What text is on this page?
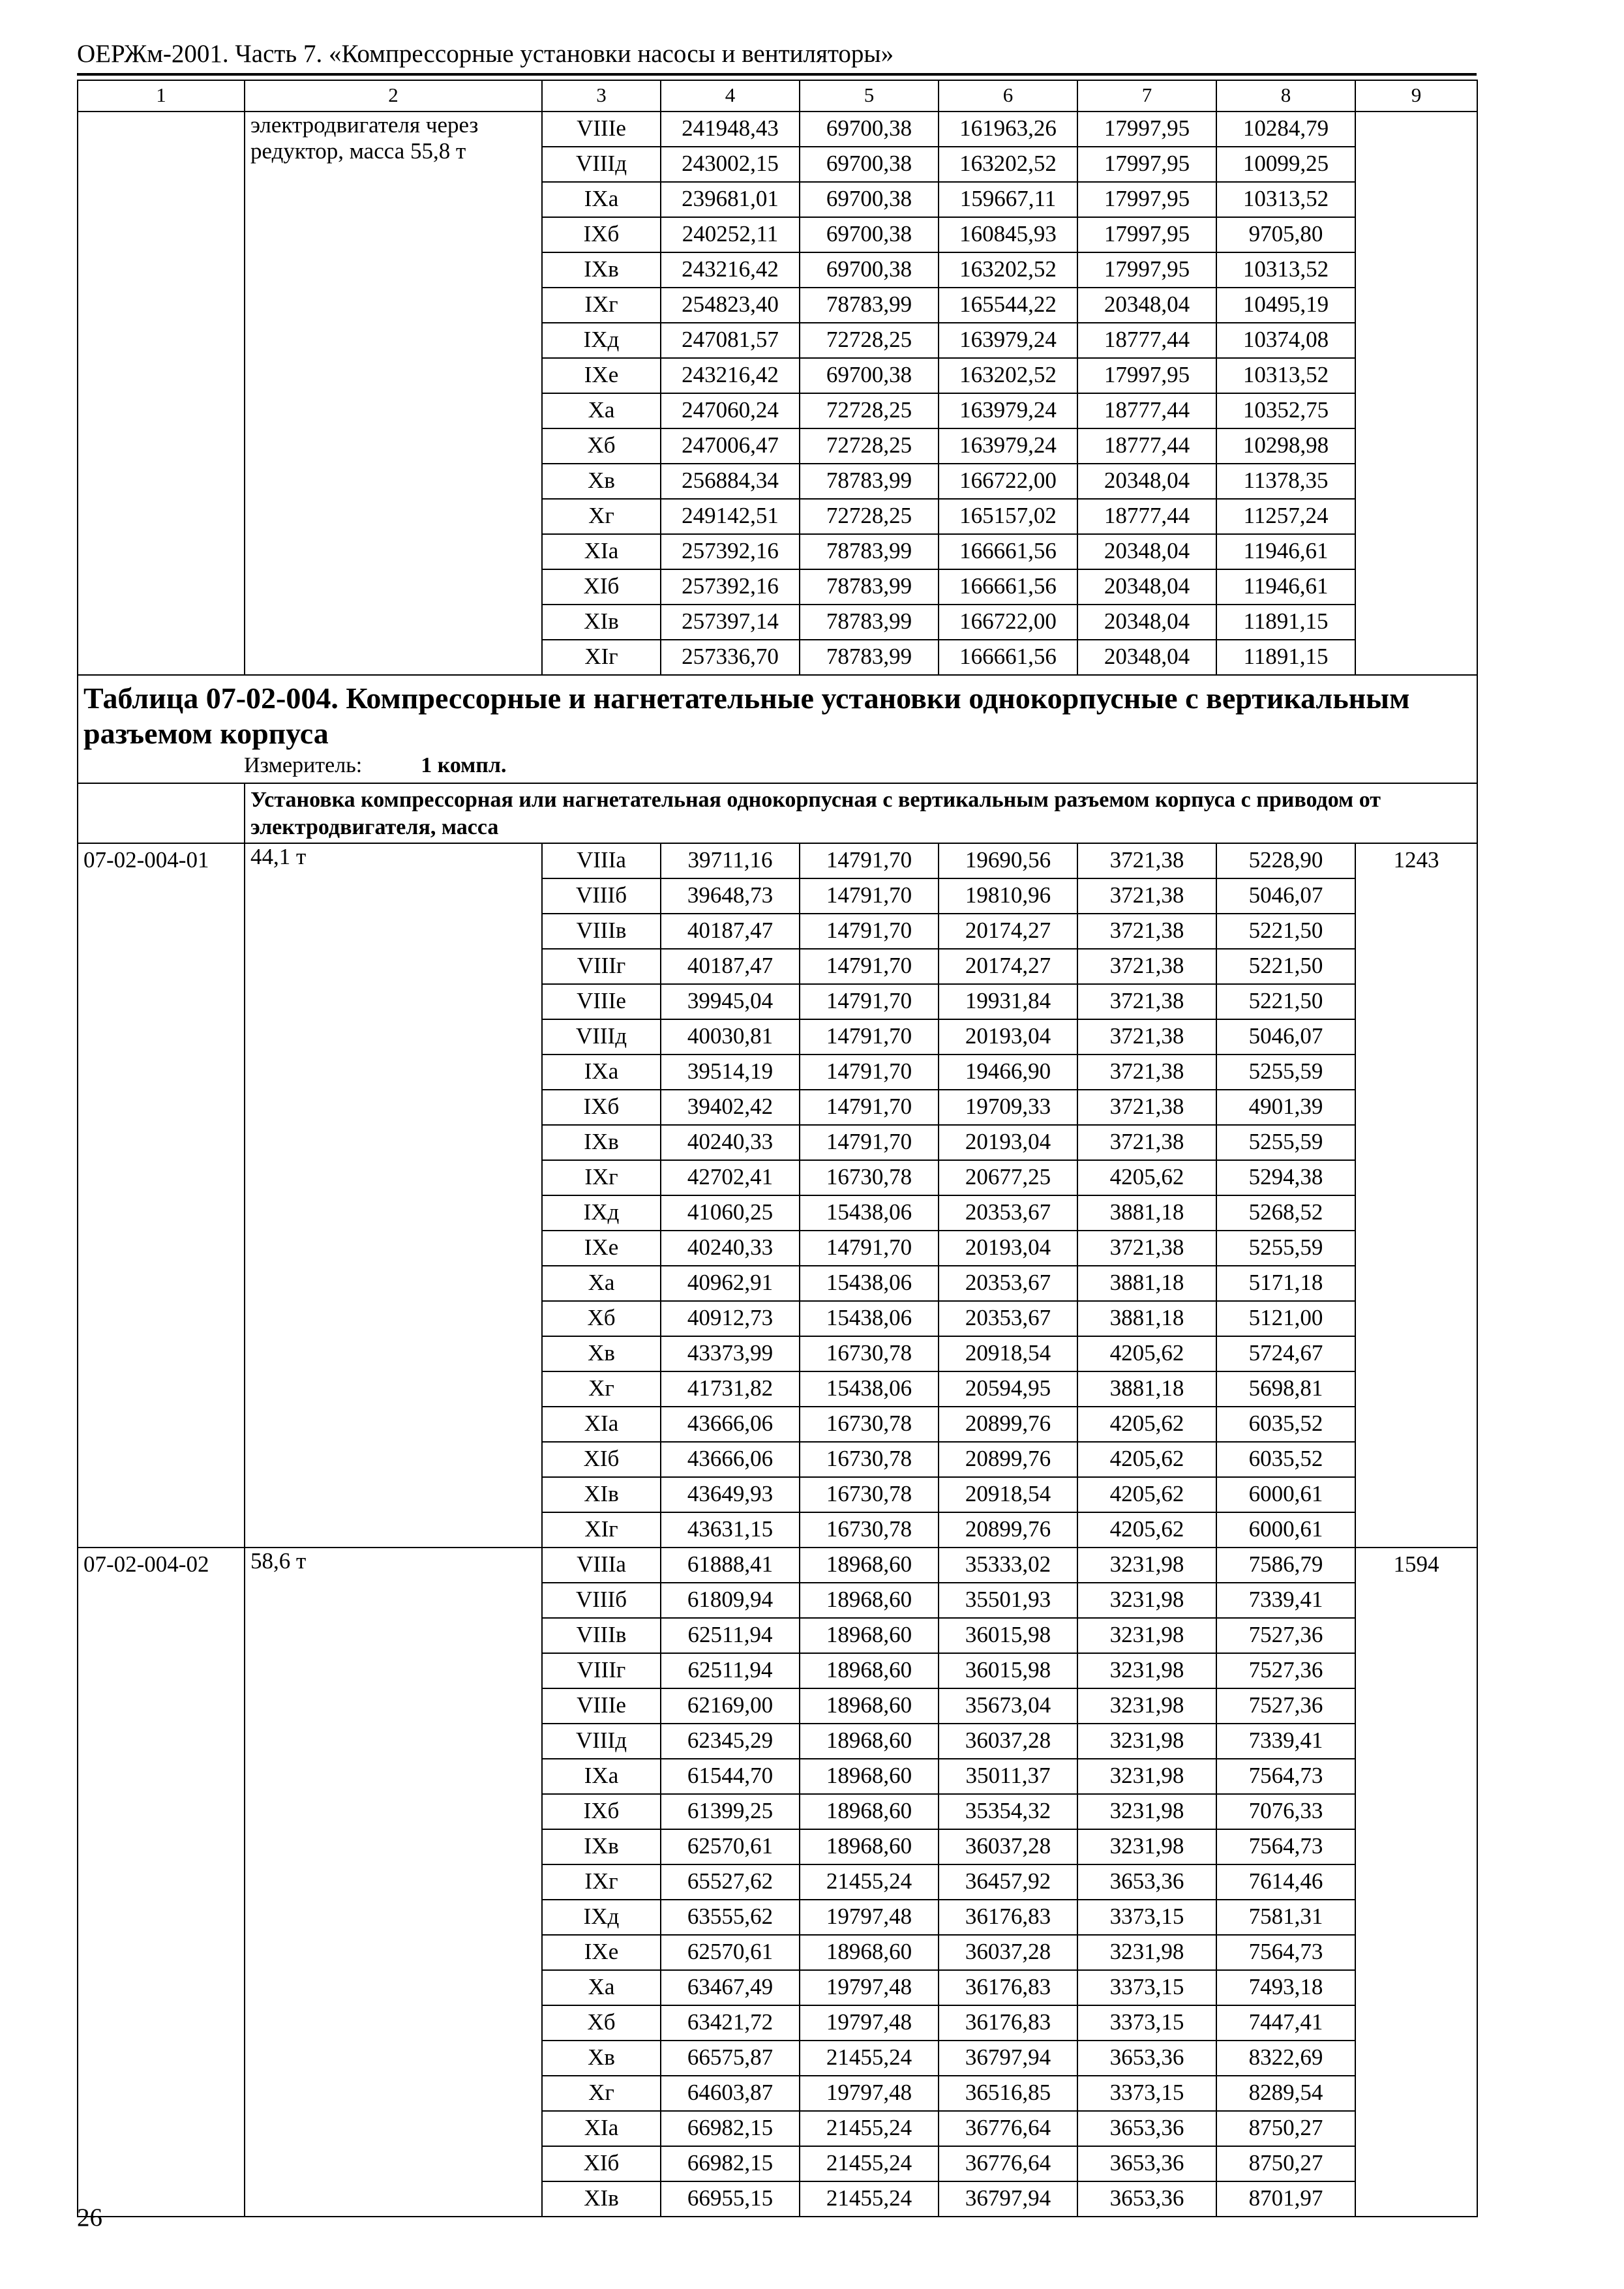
ОЕРЖм-2001. Часть 7. «Компрессорные установки насосы и вентиляторы»
1	2	3	4	5	6	7	8	9
	электродвигателя через редуктор, масса 55,8 т	VIIIе	241948,43	69700,38	161963,26	17997,95	10284,79	
		VIIIд	243002,15	69700,38	163202,52	17997,95	10099,25	
		IXа	239681,01	69700,38	159667,11	17997,95	10313,52	
		IXб	240252,11	69700,38	160845,93	17997,95	9705,80	
		IXв	243216,42	69700,38	163202,52	17997,95	10313,52	
		IXг	254823,40	78783,99	165544,22	20348,04	10495,19	
		IXд	247081,57	72728,25	163979,24	18777,44	10374,08	
		IXе	243216,42	69700,38	163202,52	17997,95	10313,52	
		Xа	247060,24	72728,25	163979,24	18777,44	10352,75	
		Xб	247006,47	72728,25	163979,24	18777,44	10298,98	
		Xв	256884,34	78783,99	166722,00	20348,04	11378,35	
		Xг	249142,51	72728,25	165157,02	18777,44	11257,24	
		XIа	257392,16	78783,99	166661,56	20348,04	11946,61	
		XIб	257392,16	78783,99	166661,56	20348,04	11946,61	
		XIв	257397,14	78783,99	166722,00	20348,04	11891,15	
		XIг	257336,70	78783,99	166661,56	20348,04	11891,15	

Таблица 07-02-004. Компрессорные и нагнетательные установки однокорпусные с вертикальным разъемом корпуса
Измеритель: 1 компл.								

	Установка компрессорная или нагнетательная однокорпусная с вертикальным разъемом корпуса с приводом от электродвигателя, масса							
07-02-004-01	44,1 т	VIIIа	39711,16	14791,70	19690,56	3721,38	5228,90	1243
		VIIIб	39648,73	14791,70	19810,96	3721,38	5046,07	
		VIIIв	40187,47	14791,70	20174,27	3721,38	5221,50	
		VIIIг	40187,47	14791,70	20174,27	3721,38	5221,50	
		VIIIе	39945,04	14791,70	19931,84	3721,38	5221,50	
		VIIIд	40030,81	14791,70	20193,04	3721,38	5046,07	
		IXа	39514,19	14791,70	19466,90	3721,38	5255,59	
		IXб	39402,42	14791,70	19709,33	3721,38	4901,39	
		IXв	40240,33	14791,70	20193,04	3721,38	5255,59	
		IXг	42702,41	16730,78	20677,25	4205,62	5294,38	
		IXд	41060,25	15438,06	20353,67	3881,18	5268,52	
		IXе	40240,33	14791,70	20193,04	3721,38	5255,59	
		Xа	40962,91	15438,06	20353,67	3881,18	5171,18	
		Xб	40912,73	15438,06	20353,67	3881,18	5121,00	
		Xв	43373,99	16730,78	20918,54	4205,62	5724,67	
		Xг	41731,82	15438,06	20594,95	3881,18	5698,81	
		XIа	43666,06	16730,78	20899,76	4205,62	6035,52	
		XIб	43666,06	16730,78	20899,76	4205,62	6035,52	
		XIв	43649,93	16730,78	20918,54	4205,62	6000,61	
		XIг	43631,15	16730,78	20899,76	4205,62	6000,61	
07-02-004-02	58,6 т	VIIIа	61888,41	18968,60	35333,02	3231,98	7586,79	1594
		VIIIб	61809,94	18968,60	35501,93	3231,98	7339,41	
		VIIIв	62511,94	18968,60	36015,98	3231,98	7527,36	
		VIIIг	62511,94	18968,60	36015,98	3231,98	7527,36	
		VIIIе	62169,00	18968,60	35673,04	3231,98	7527,36	
		VIIIд	62345,29	18968,60	36037,28	3231,98	7339,41	
		IXа	61544,70	18968,60	35011,37	3231,98	7564,73	
		IXб	61399,25	18968,60	35354,32	3231,98	7076,33	
		IXв	62570,61	18968,60	36037,28	3231,98	7564,73	
		IXг	65527,62	21455,24	36457,92	3653,36	7614,46	
		IXд	63555,62	19797,48	36176,83	3373,15	7581,31	
		IXе	62570,61	18968,60	36037,28	3231,98	7564,73	
		Xа	63467,49	19797,48	36176,83	3373,15	7493,18	
		Xб	63421,72	19797,48	36176,83	3373,15	7447,41	
		Xв	66575,87	21455,24	36797,94	3653,36	8322,69	
		Xг	64603,87	19797,48	36516,85	3373,15	8289,54	
		XIа	66982,15	21455,24	36776,64	3653,36	8750,27	
		XIб	66982,15	21455,24	36776,64	3653,36	8750,27	
		XIв	66955,15	21455,24	36797,94	3653,36	8701,97	
26
